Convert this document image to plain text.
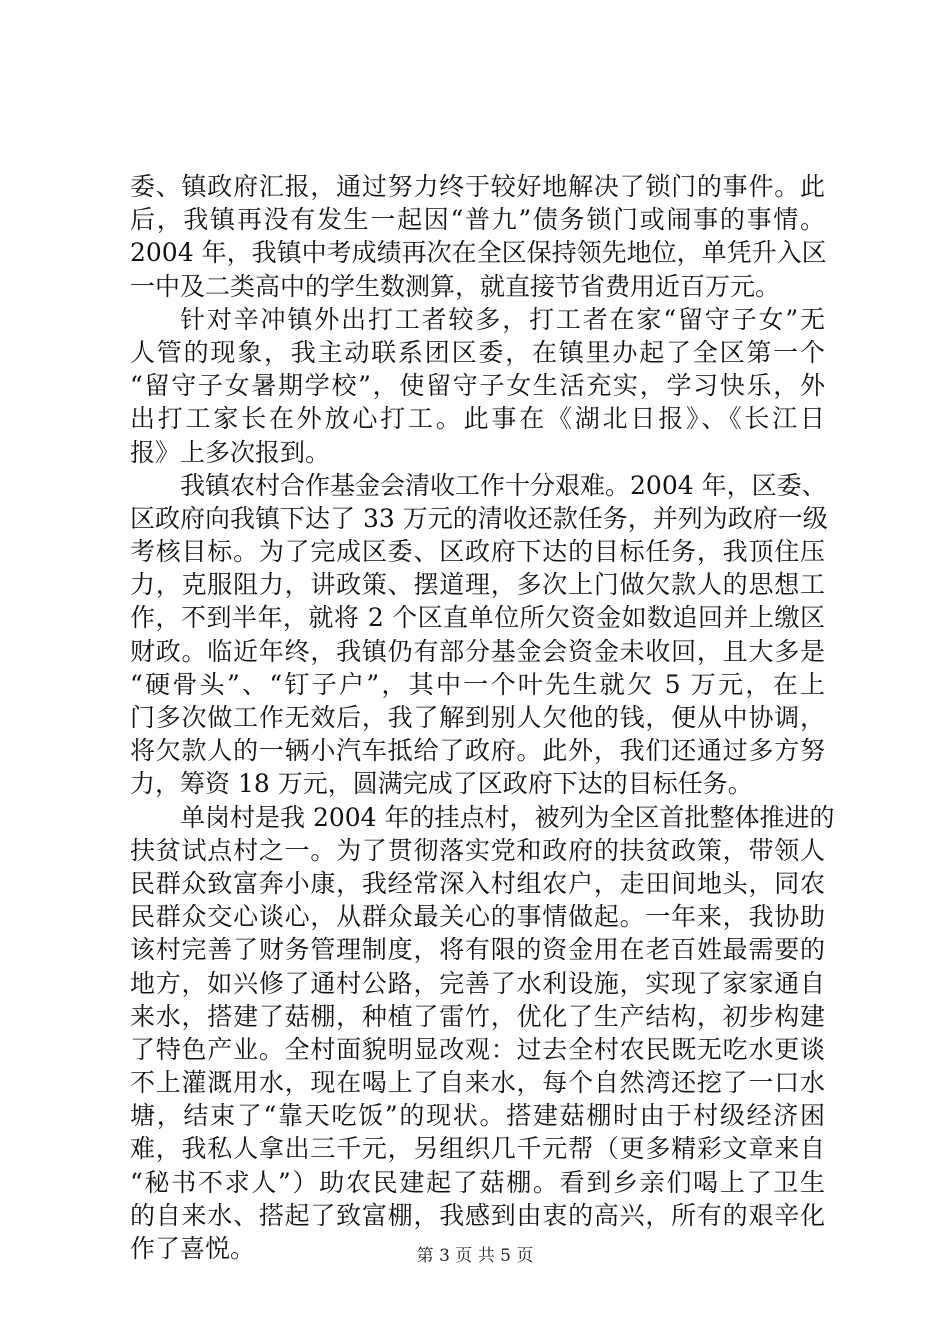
委、镇政府汇报，通过努力终于较好地解决了锁门的事件。此
后，我镇再没有发生一起因“普九”债务锁门或闹事的事情。
2004 年，我镇中考成绩再次在全区保持领先地位，单凭升入区
一中及二类高中的学生数测算，就直接节省费用近百万元。
针对辛冲镇外出打工者较多，打工者在家“留守子女”无
人管的现象，我主动联系团区委，在镇里办起了全区第一个
“留守子女暑期学校”，使留守子女生活充实，学习快乐，外
出打工家长在外放心打工。此事在《湖北日报》、《长江日
报》上多次报到。
我镇农村合作基金会清收工作十分艰难。2004 年，区委、
区政府向我镇下达了 33 万元的清收还款任务，并列为政府一级
考核目标。为了完成区委、区政府下达的目标任务，我顶住压
力，克服阻力，讲政策、摆道理，多次上门做欠款人的思想工
作，不到半年，就将 2 个区直单位所欠资金如数追回并上缴区
财政。临近年终，我镇仍有部分基金会资金未收回，且大多是
“硬骨头”、“钉子户”，其中一个叶先生就欠 5 万元，在上
门多次做工作无效后，我了解到别人欠他的钱，便从中协调，
将欠款人的一辆小汽车抵给了政府。此外，我们还通过多方努
力，筹资 18 万元，圆满完成了区政府下达的目标任务。
单岗村是我 2004 年的挂点村，被列为全区首批整体推进的
扶贫试点村之一。为了贯彻落实党和政府的扶贫政策，带领人
民群众致富奔小康，我经常深入村组农户，走田间地头，同农
民群众交心谈心，从群众最关心的事情做起。一年来，我协助
该村完善了财务管理制度，将有限的资金用在老百姓最需要的
地方，如兴修了通村公路，完善了水利设施，实现了家家通自
来水，搭建了菇棚，种植了雷竹，优化了生产结构，初步构建
了特色产业。全村面貌明显改观：过去全村农民既无吃水更谈
不上灌溉用水，现在喝上了自来水，每个自然湾还挖了一口水
塘，结束了“靠天吃饭”的现状。搭建菇棚时由于村级经济困
难，我私人拿出三千元，另组织几千元帮（更多精彩文章来自
“秘书不求人”）助农民建起了菇棚。看到乡亲们喝上了卫生
的自来水、搭起了致富棚，我感到由衷的高兴，所有的艰辛化
作了喜悦。	第 3 页 共 5 页
